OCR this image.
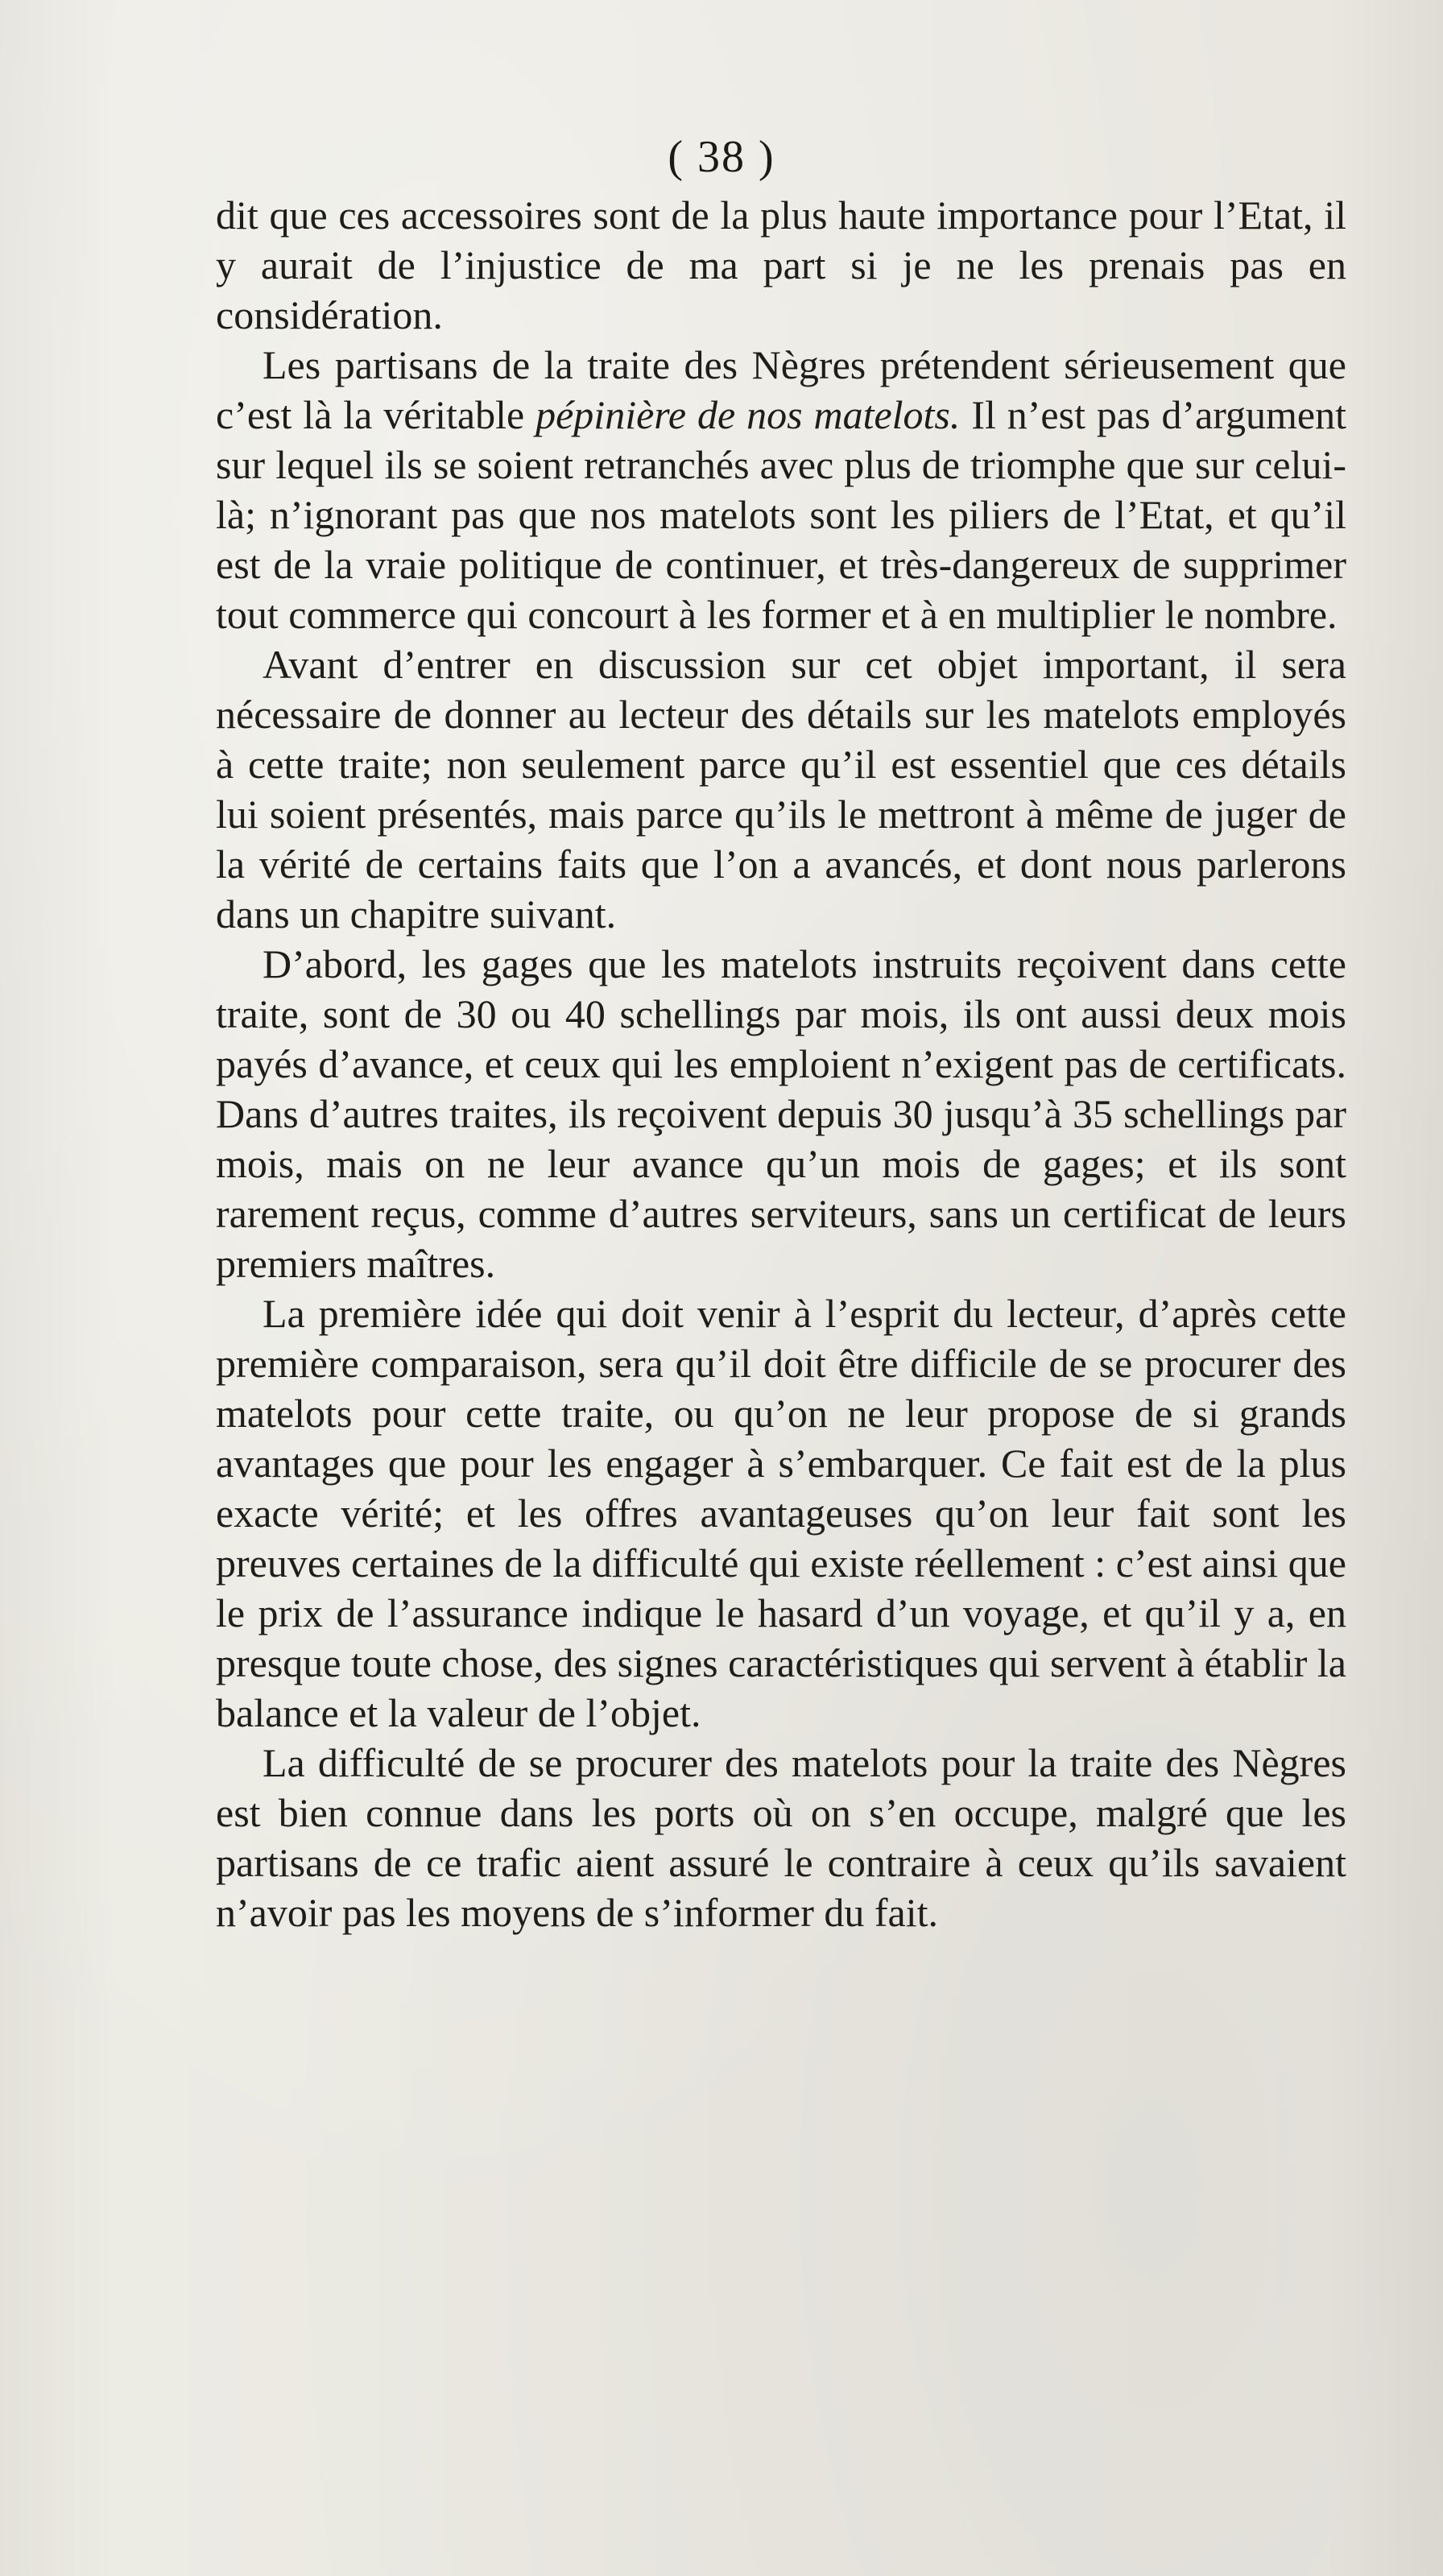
( 38 )

dit que ces accessoires sont de la plus haute importance pour l’Etat, il y aurait de l’injustice de ma part si je ne les prenais pas en considération.

Les partisans de la traite des Nègres prétendent sérieusement que c’est là la véritable pépinière de nos matelots. Il n’est pas d’argument sur lequel ils se soient retranchés avec plus de triomphe que sur celui-là; n’ignorant pas que nos matelots sont les piliers de l’Etat, et qu’il est de la vraie politique de continuer, et très-dangereux de supprimer tout commerce qui concourt à les former et à en multiplier le nombre.

Avant d’entrer en discussion sur cet objet important, il sera nécessaire de donner au lecteur des détails sur les matelots employés à cette traite; non seulement parce qu’il est essentiel que ces détails lui soient présentés, mais parce qu’ils le mettront à même de juger de la vérité de certains faits que l’on a avancés, et dont nous parlerons dans un chapitre suivant.

D’abord, les gages que les matelots instruits reçoivent dans cette traite, sont de 30 ou 40 schellings par mois, ils ont aussi deux mois payés d’avance, et ceux qui les emploient n’exigent pas de certificats. Dans d’autres traites, ils reçoivent depuis 30 jusqu’à 35 schellings par mois, mais on ne leur avance qu’un mois de gages; et ils sont rarement reçus, comme d’autres serviteurs, sans un certificat de leurs premiers maîtres.

La première idée qui doit venir à l’esprit du lecteur, d’après cette première comparaison, sera qu’il doit être difficile de se procurer des matelots pour cette traite, ou qu’on ne leur propose de si grands avantages que pour les engager à s’embarquer. Ce fait est de la plus exacte vérité; et les offres avantageuses qu’on leur fait sont les preuves certaines de la difficulté qui existe réellement : c’est ainsi que le prix de l’assurance indique le hasard d’un voyage, et qu’il y a, en presque toute chose, des signes caractéristiques qui servent à établir la balance et la valeur de l’objet.

La difficulté de se procurer des matelots pour la traite des Nègres est bien connue dans les ports où on s’en occupe, malgré que les partisans de ce trafic aient assuré le contraire à ceux qu’ils savaient n’avoir pas les moyens de s’informer du fait.
